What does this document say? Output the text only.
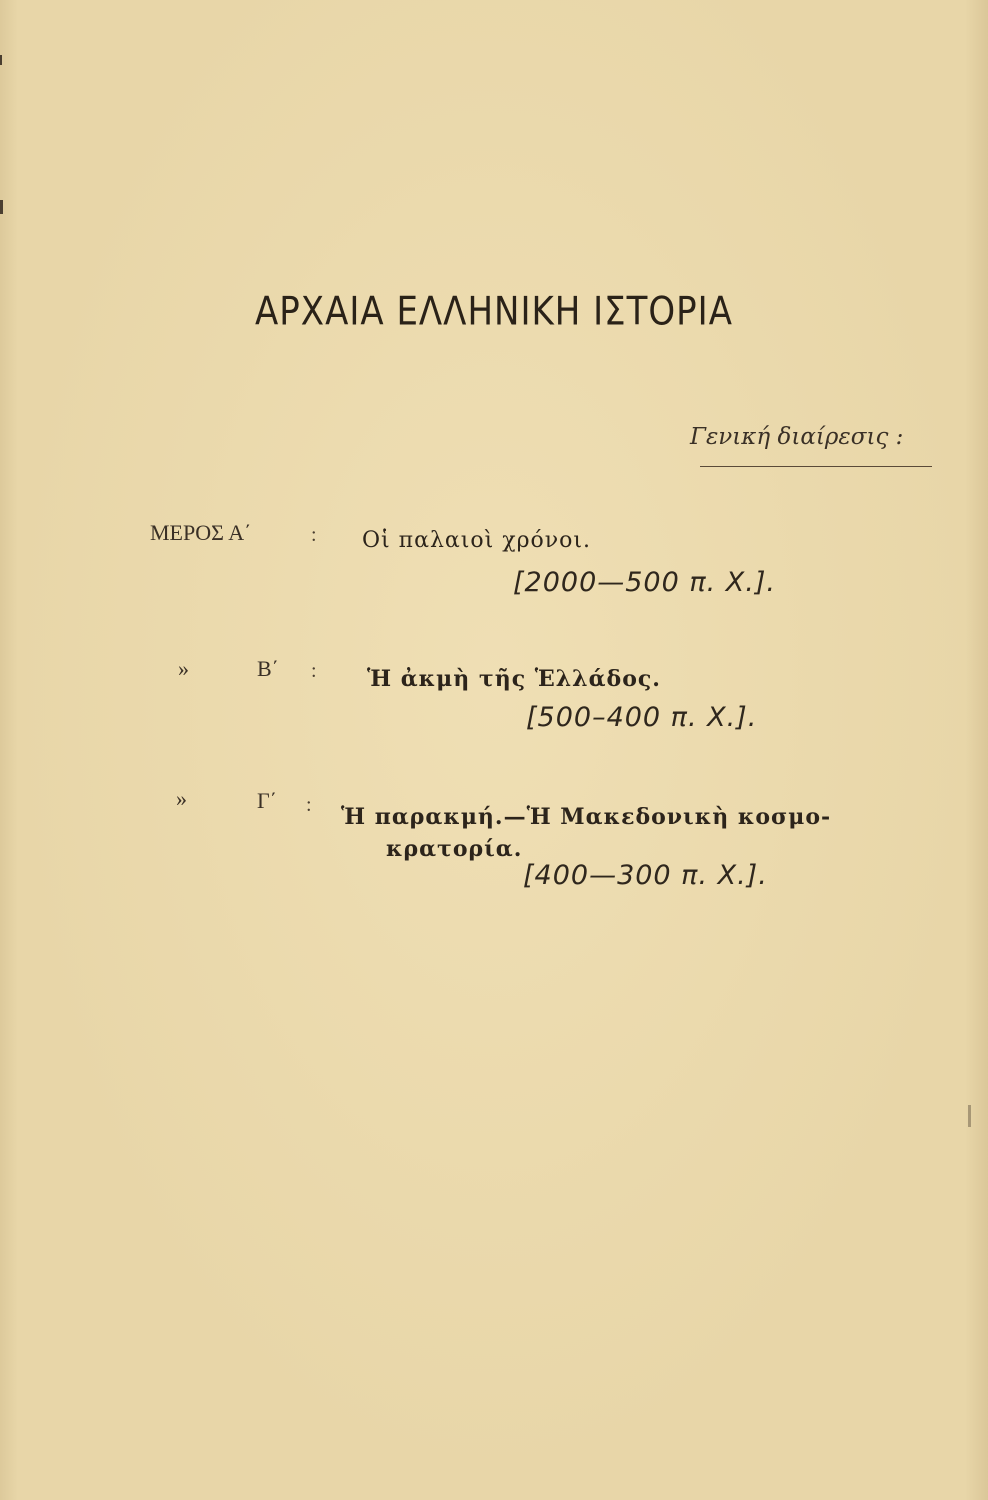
ΑΡΧΑΙΑ ΕΛΛΗΝΙΚΗ ΙΣΤΟΡΙΑ
Γενική διαίρεσις :
ΜΕΡΟΣ Α΄	: Οἱ παλαιοὶ χρόνοι.
[2000—500 π. Χ.].
»	Β΄ : Ἡ ἀκμὴ τῆς Ἑλλάδος.
[500–400 π. Χ.].
»	Γ΄ : Ἡ παρακμή.—Ἡ Μακεδονικὴ κοσμο-
κρατορία.
[400—300 π. Χ.].
